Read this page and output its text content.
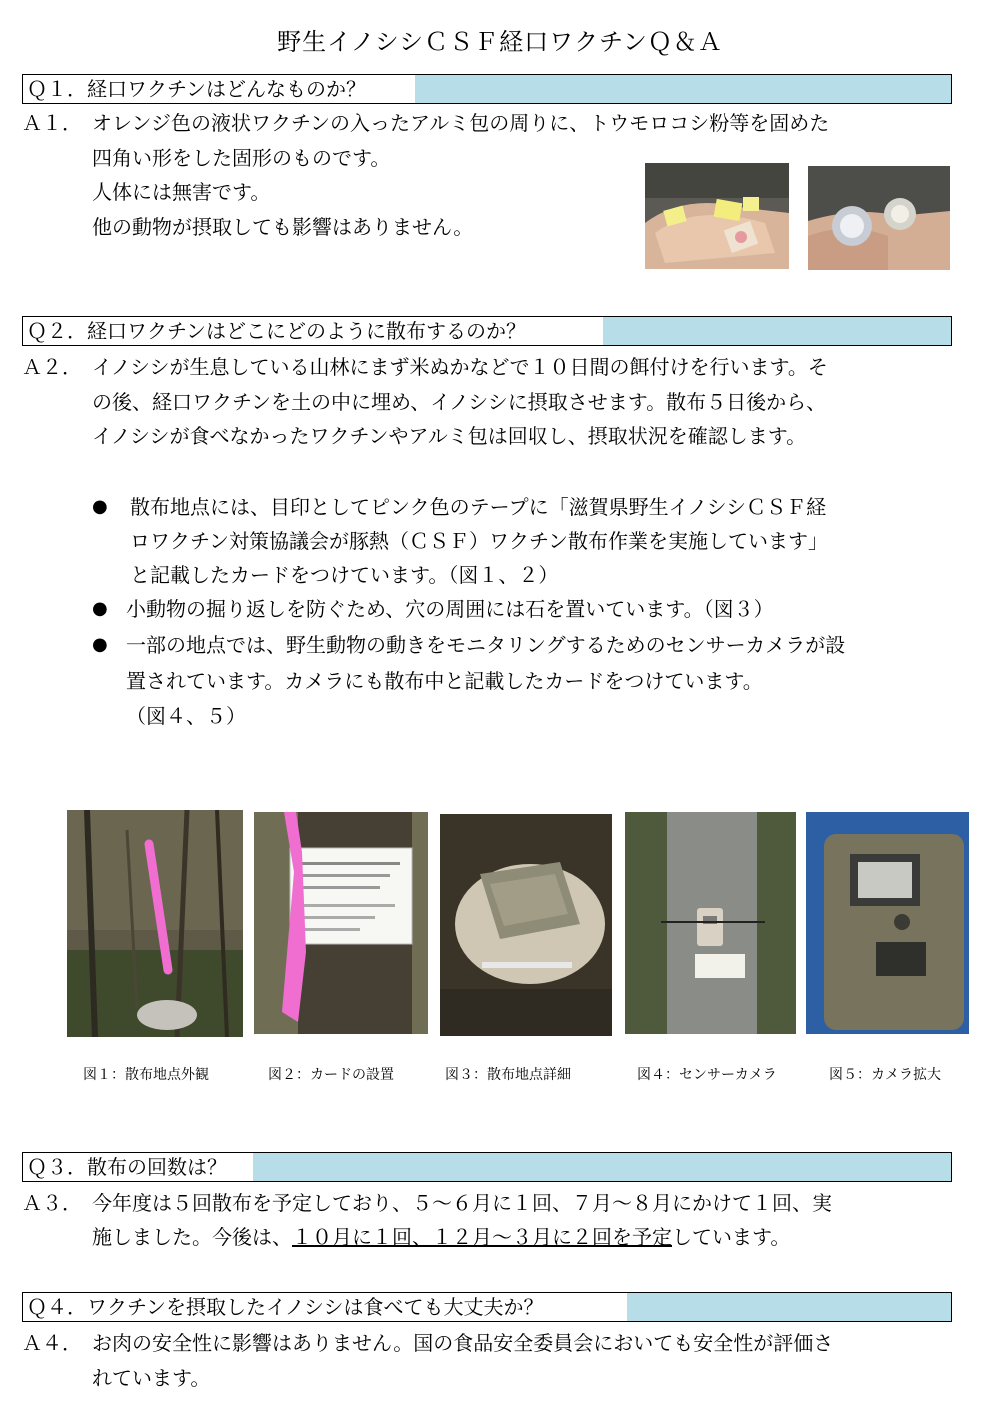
野生イノシシＣＳＦ経口ワクチンＱ＆Ａ
Ｑ１．経口ワクチンはどんなものか？
Ａ１． オレンジ色の液状ワクチンの入ったアルミ包の周りに、トウモロコシ粉等を固めた
四角い形をした固形のものです。
人体には無害です。
他の動物が摂取しても影響はありません。
Ｑ２．経口ワクチンはどこにどのように散布するのか？
Ａ２． イノシシが生息している山林にまず米ぬかなどで１０日間の餌付けを行います。そ
の後、経口ワクチンを土の中に埋め、イノシシに摂取させます。散布５日後から、
イノシシが食べなかったワクチンやアルミ包は回収し、摂取状況を確認します。
● 散布地点には、目印としてピンク色のテープに「滋賀県野生イノシシＣＳＦ経
ロワクチン対策協議会が豚熱（ＣＳＦ）ワクチン散布作業を実施しています」
と記載したカードをつけています。（図１、２）
● 小動物の掘り返しを防ぐため、穴の周囲には石を置いています。（図３）
● 一部の地点では、野生動物の動きをモニタリングするためのセンサーカメラが設
置されています。カメラにも散布中と記載したカードをつけています。
（図４、５）
図１：散布地点外観	図２：カードの設置	図３：散布地点詳細	図４：センサーカメラ	図５：カメラ拡大
Ｑ３．散布の回数は？
Ａ３． 今年度は５回散布を予定しており、５～６月に１回、７月～８月にかけて１回、実
施しました。今後は、１０月に１回、１２月～３月に２回を予定しています。
Ｑ４．ワクチンを摂取したイノシシは食べても大丈夫か？
Ａ４． お肉の安全性に影響はありません。国の食品安全委員会においても安全性が評価さ
れています。
